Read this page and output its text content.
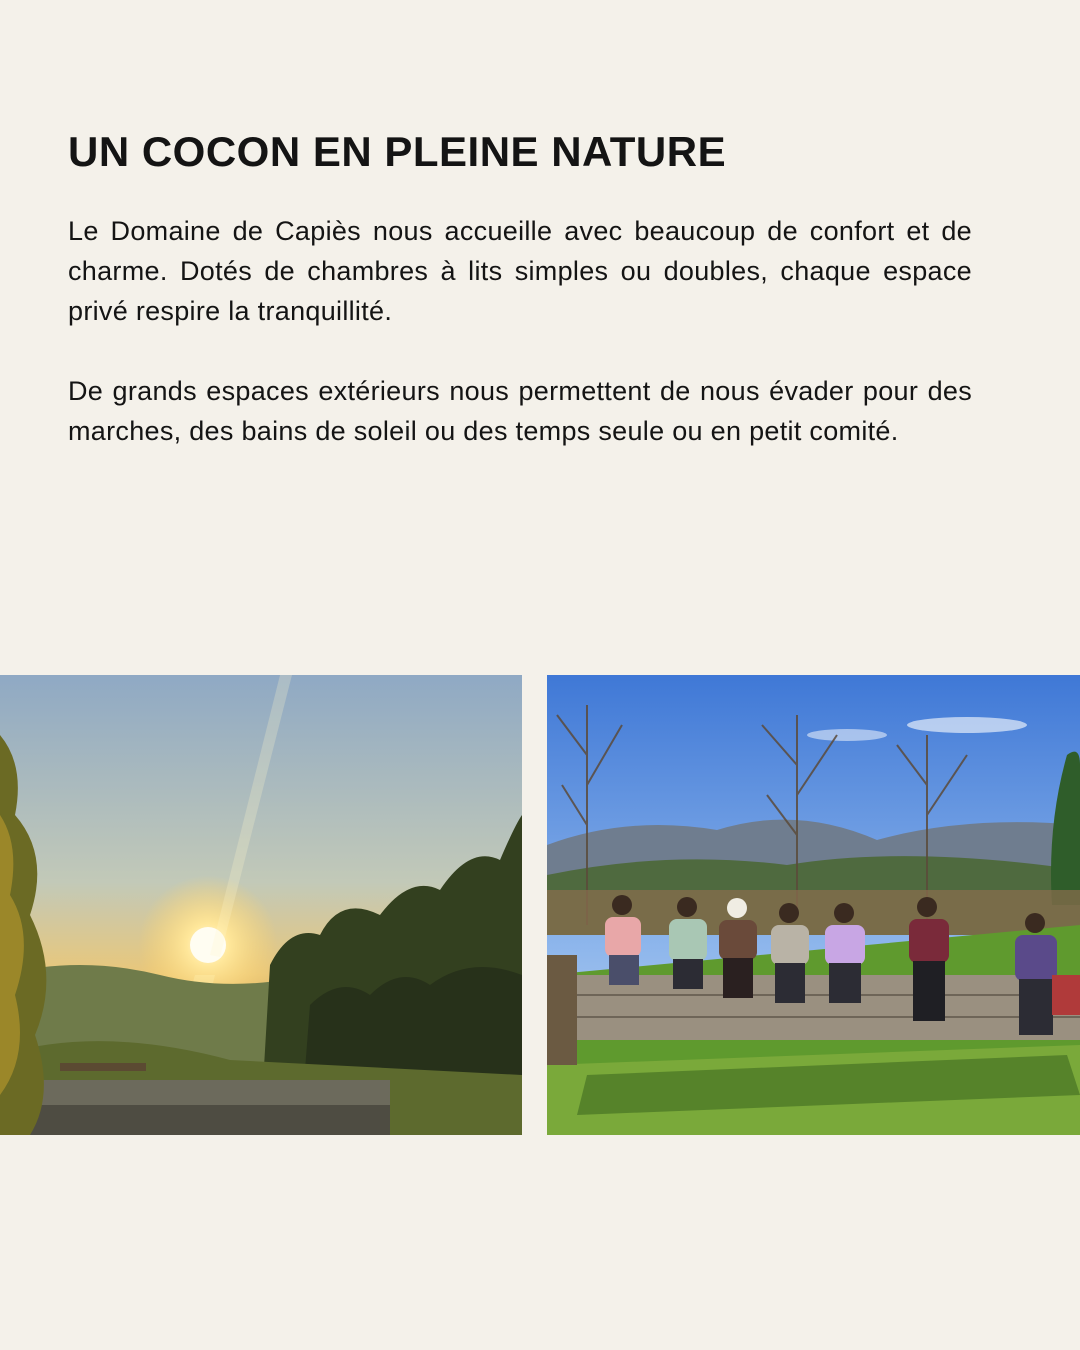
UN COCON EN PLEINE NATURE

Le Domaine de Capiès nous accueille avec beaucoup de confort et de charme. Dotés de chambres à lits simples ou doubles, chaque espace privé respire la tranquillité.

De grands espaces extérieurs nous permettent de nous évader pour des marches, des bains de soleil ou des temps seule ou en petit comité.
